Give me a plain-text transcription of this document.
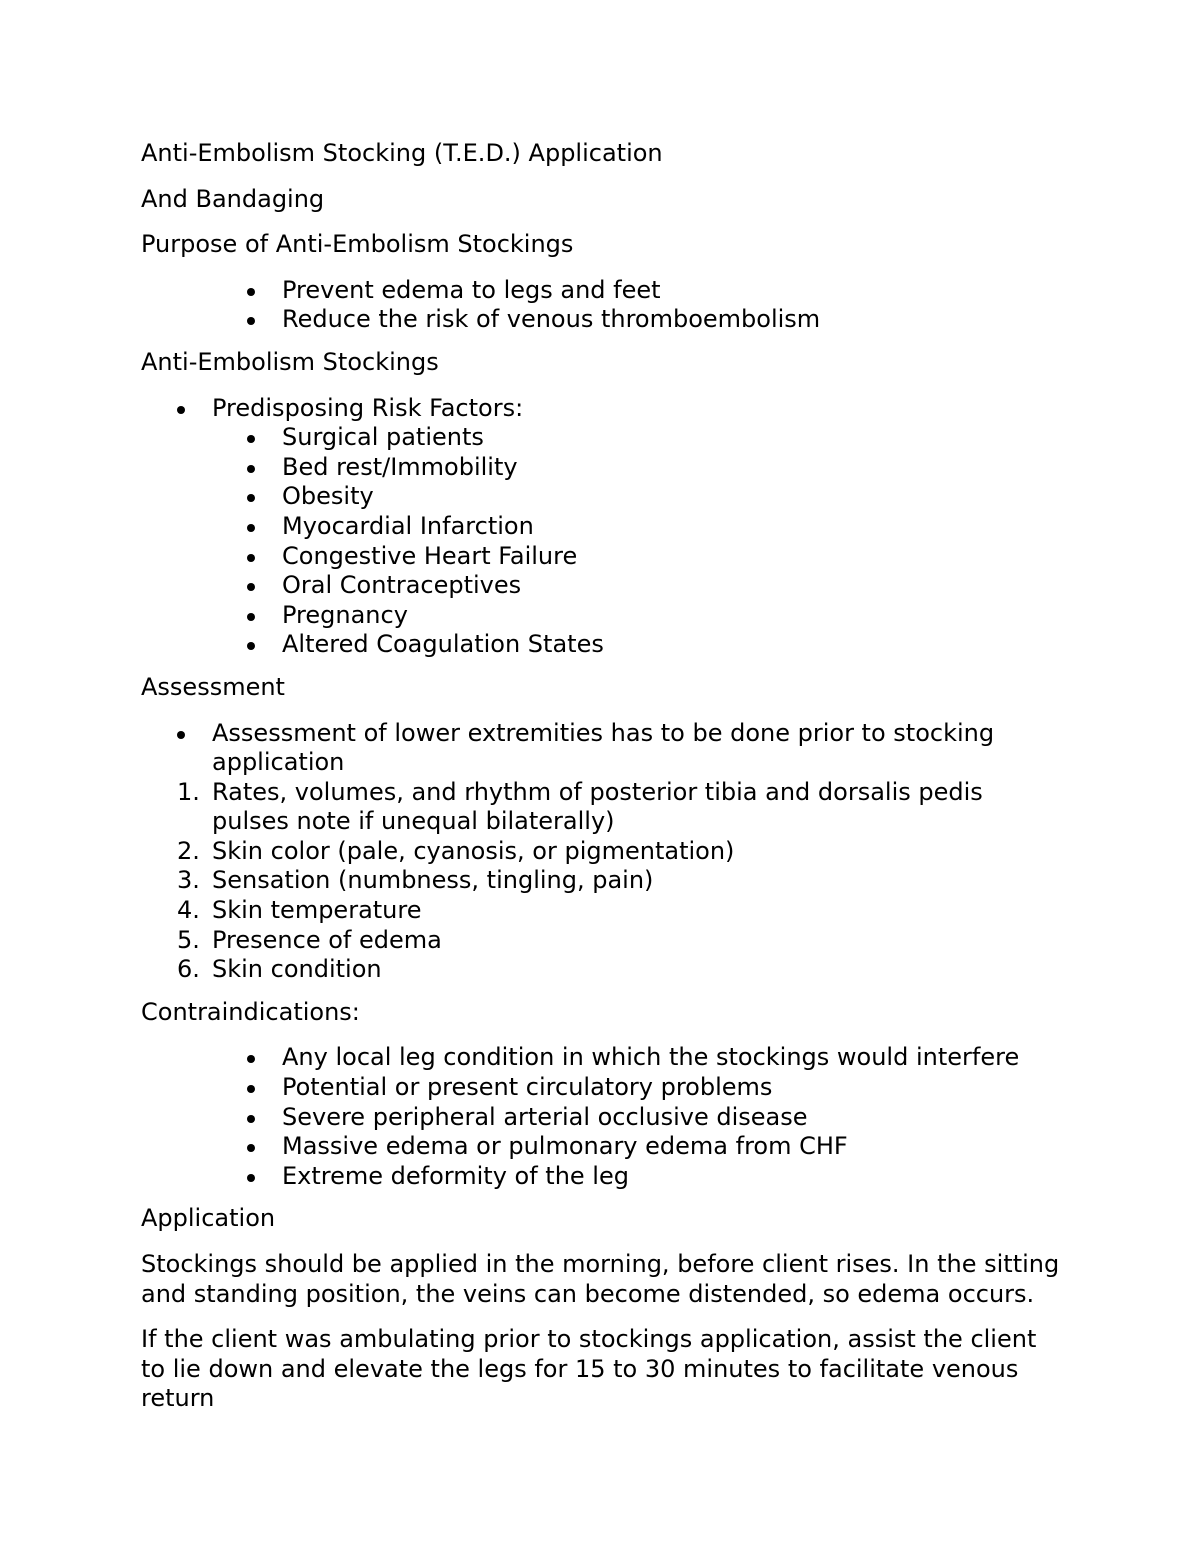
Anti-Embolism Stocking (T.E.D.) Application

And Bandaging

Purpose of Anti-Embolism Stockings

Prevent edema to legs and feet
Reduce the risk of venous thromboembolism

Anti-Embolism Stockings

Predisposing Risk Factors:
Surgical patients
Bed rest/Immobility
Obesity
Myocardial Infarction
Congestive Heart Failure
Oral Contraceptives
Pregnancy
Altered Coagulation States

Assessment

Assessment of lower extremities has to be done prior to stocking application
1. Rates, volumes, and rhythm of posterior tibia and dorsalis pedis pulses note if unequal bilaterally)
2. Skin color (pale, cyanosis, or pigmentation)
3. Sensation (numbness, tingling, pain)
4. Skin temperature
5. Presence of edema
6. Skin condition

Contraindications:

Any local leg condition in which the stockings would interfere
Potential or present circulatory problems
Severe peripheral arterial occlusive disease
Massive edema or pulmonary edema from CHF
Extreme deformity of the leg

Application

Stockings should be applied in the morning, before client rises. In the sitting and standing position, the veins can become distended, so edema occurs.

If the client was ambulating prior to stockings application, assist the client to lie down and elevate the legs for 15 to 30 minutes to facilitate venous return
